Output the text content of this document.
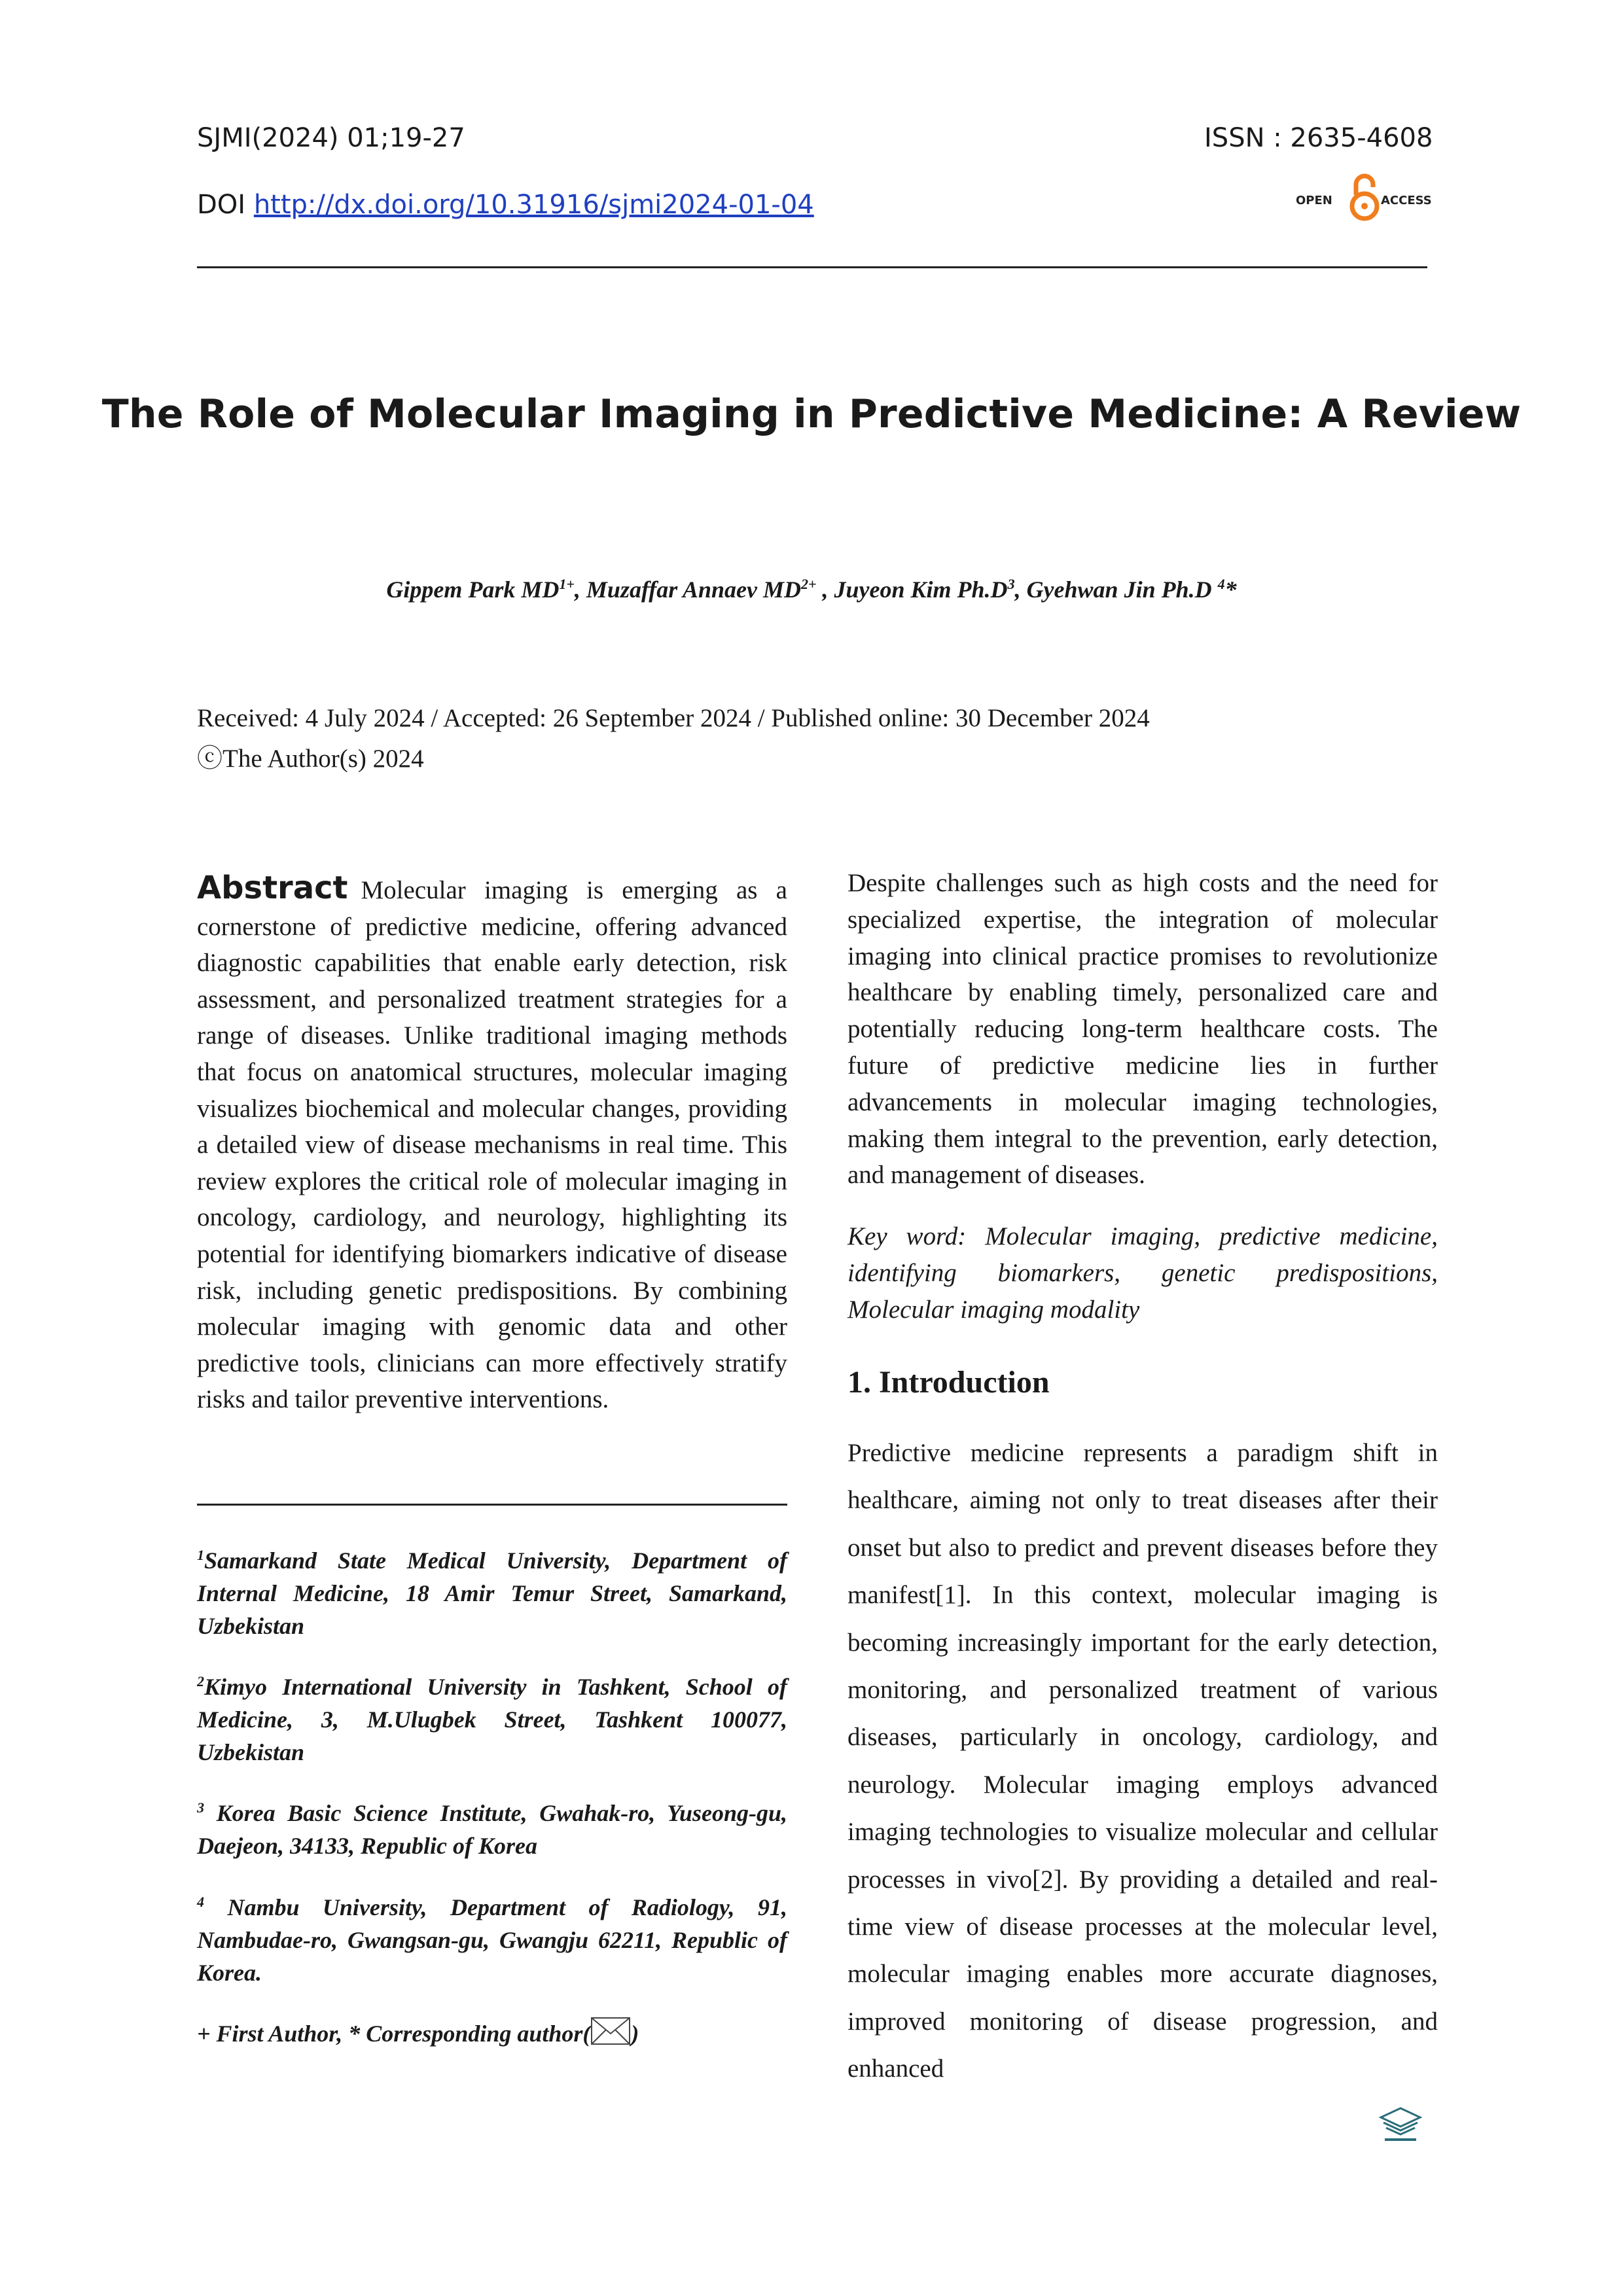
SJMI(2024) 01;19-27	ISSN : 2635-4608
DOI http://dx.doi.org/10.31916/sjmi2024-01-04	OPEN	ACCESS
The Role of Molecular Imaging in Predictive Medicine: A Review
Gippem Park $MD^{1+}$, Muzaffar Annaev $MD^{2+}$ , Juyeon Kim $Ph.D^3$, Gyehwan Jin Ph.D $^4$*
Received: 4 July 2024 / Accepted: 26 September 2024 / Published online: 30 December 2024
ⓒThe Author(s) 2024
Abstract Molecular imaging is emerging as a cornerstone of predictive medicine, offering advanced diagnostic capabilities that enable early detection, risk assessment, and personalized treatment strategies for a range of diseases. Unlike traditional imaging methods that focus on anatomical structures, molecular imaging visualizes biochemical and molecular changes, providing a detailed view of disease mechanisms in real time. This review explores the critical role of molecular imaging in oncology, cardiology, and neurology, highlighting its potential for identifying biomarkers indicative of disease risk, including genetic predispositions. By combining molecular imaging with genomic data and other predictive tools, clinicians can more effectively stratify risks and tailor preventive interventions.
$^1$Samarkand State Medical University, Department of Internal Medicine, 18 Amir Temur Street, Samarkand, Uzbekistan
$^2$Kimyo International University in Tashkent, School of Medicine, 3, M.Ulugbek Street, Tashkent 100077, Uzbekistan
$^3$ Korea Basic Science Institute, Gwahak-ro, Yuseong-gu, Daejeon, 34133, Republic of Korea
$^4$ Nambu University, Department of Radiology, 91, Nambudae-ro, Gwangsan-gu, Gwangju 62211, Republic of Korea.
+ First Author, * Corresponding author( )
Despite challenges such as high costs and the need for specialized expertise, the integration of molecular imaging into clinical practice promises to revolutionize healthcare by enabling timely, personalized care and potentially reducing long-term healthcare costs. The future of predictive medicine lies in further advancements in molecular imaging technologies, making them integral to the prevention, early detection, and management of diseases.
Key word: Molecular imaging, predictive medicine, identifying biomarkers, genetic predispositions, Molecular imaging modality
1. Introduction
Predictive medicine represents a paradigm shift in healthcare, aiming not only to treat diseases after their onset but also to predict and prevent diseases before they manifest[1]. In this context, molecular imaging is becoming increasingly important for the early detection, monitoring, and personalized treatment of various diseases, particularly in oncology, cardiology, and neurology. Molecular imaging employs advanced imaging technologies to visualize molecular and cellular processes in vivo[2]. By providing a detailed and real-time view of disease processes at the molecular level, molecular imaging enables more accurate diagnoses, improved monitoring of disease progression, and enhanced
